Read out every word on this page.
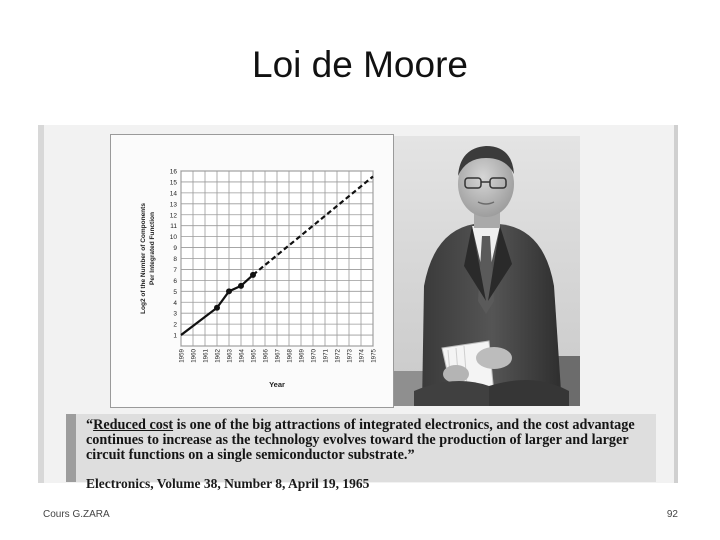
Loi de Moore
1
2
3
4
5
6
7
8
9
10
11
12
13
14
15
16
1959 1960 1961 1962 1963 1964 1965 1966 1967 1968 1969 1970 1971 1972 1973 1974 1975
Year
Log2 of the Number of Components Per Integrated Function
“Reduced cost is one of the big attractions of integrated electronics, and the cost advantage continues to increase as the technology evolves toward the production of larger and larger circuit functions on a single semiconductor substrate.”
Electronics, Volume 38, Number 8, April 19, 1965
Cours G.ZARA	92
